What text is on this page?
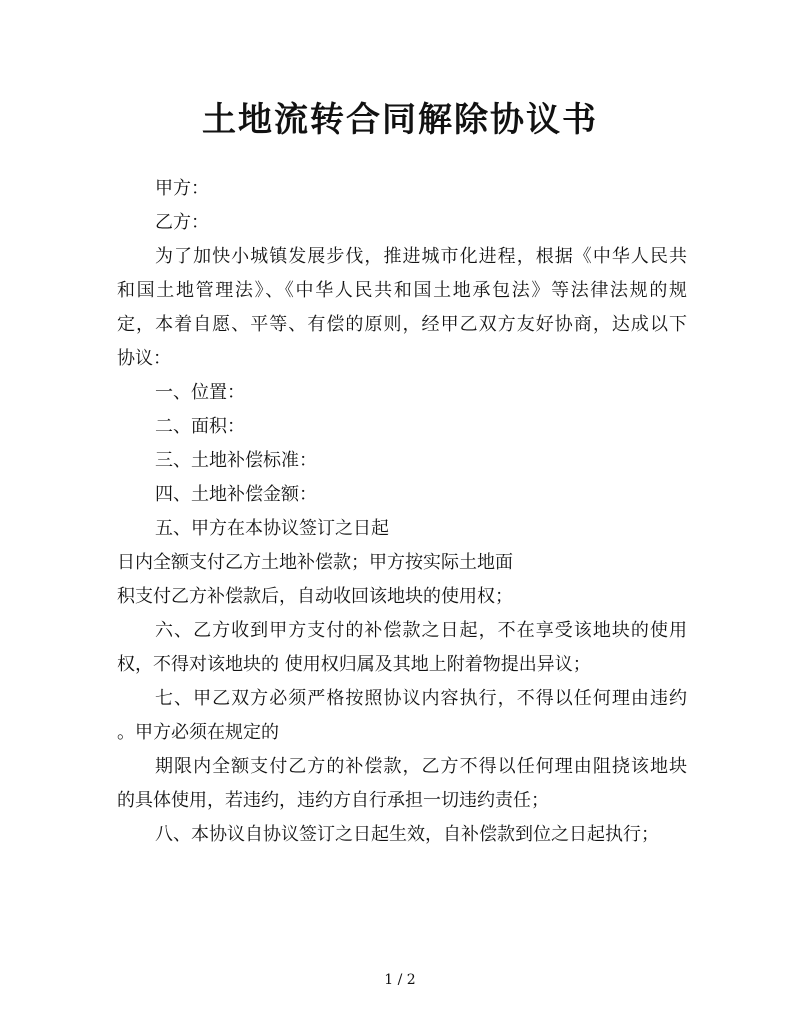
土地流转合同解除协议书
甲方：
乙方：
为了加快小城镇发展步伐，推进城市化进程，根据《中华人民共
和国土地管理法》、《中华人民共和国土地承包法》等法律法规的规
定，本着自愿、平等、有偿的原则，经甲乙双方友好协商，达成以下
协议：
一、位置：
二、面积：
三、土地补偿标准：
四、土地补偿金额：
五、甲方在本协议签订之日起
日内全额支付乙方土地补偿款；甲方按实际土地面
积支付乙方补偿款后，自动收回该地块的使用权；
六、乙方收到甲方支付的补偿款之日起，不在享受该地块的使用
权，不得对该地块的 使用权归属及其地上附着物提出异议；
七、甲乙双方必须严格按照协议内容执行，不得以任何理由违约
。甲方必须在规定的
期限内全额支付乙方的补偿款，乙方不得以任何理由阻挠该地块
的具体使用，若违约，违约方自行承担一切违约责任；
八、本协议自协议签订之日起生效，自补偿款到位之日起执行；
1 / 2
